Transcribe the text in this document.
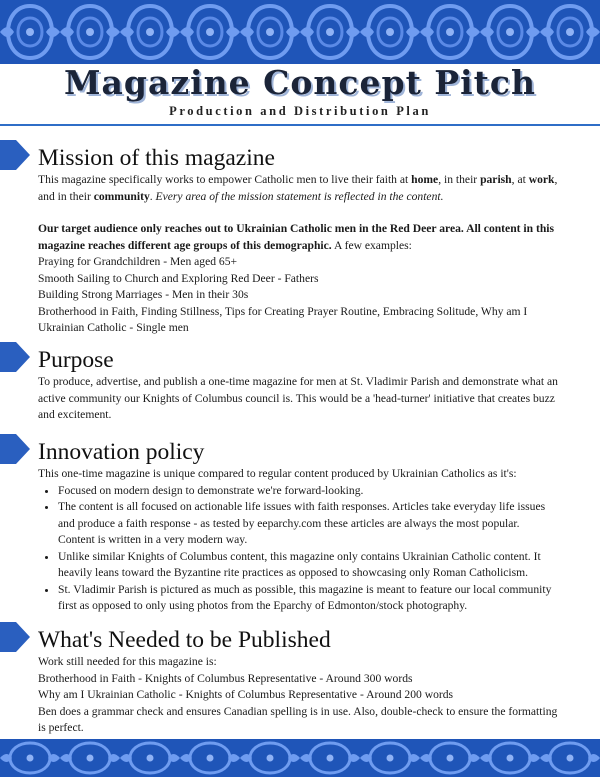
Magazine Concept Pitch
Production and Distribution Plan
Mission of this magazine

This magazine specifically works to empower Catholic men to live their faith at home, in their parish, at work, and in their community. Every area of the mission statement is reflected in the content.

Our target audience only reaches out to Ukrainian Catholic men in the Red Deer area. All content in this magazine reaches different age groups of this demographic. A few examples:

Praying for Grandchildren - Men aged 65+
Smooth Sailing to Church and Exploring Red Deer - Fathers
Building Strong Marriages - Men in their 30s
Brotherhood in Faith, Finding Stillness, Tips for Creating Prayer Routine, Embracing Solitude, Why am I Ukrainian Catholic - Single men
Purpose

To produce, advertise, and publish a one-time magazine for men at St. Vladimir Parish and demonstrate what an active community our Knights of Columbus council is. This would be a 'head-turner' initiative that creates buzz and excitement.

Innovation policy

This one-time magazine is unique compared to regular content produced by Ukrainian Catholics as it's:

• Focused on modern design to demonstrate we're forward-looking.
• The content is all focused on actionable life issues with faith responses. Articles take everyday life issues and produce a faith response - as tested by eeparchy.com these articles are always the most popular. Content is written in a very modern way.
• Unlike similar Knights of Columbus content, this magazine only contains Ukrainian Catholic content. It heavily leans toward the Byzantine rite practices as opposed to showcasing only Roman Catholicism.
• St. Vladimir Parish is pictured as much as possible, this magazine is meant to feature our local community first as opposed to only using photos from the Eparchy of Edmonton/stock photography.
What's Needed to be Published
Work still needed for this magazine is:
Brotherhood in Faith - Knights of Columbus Representative - Around 300 words
Why am I Ukrainian Catholic - Knights of Columbus Representative - Around 200 words
Ben does a grammar check and ensures Canadian spelling is in use. Also, double-check to ensure the formatting is perfect.
